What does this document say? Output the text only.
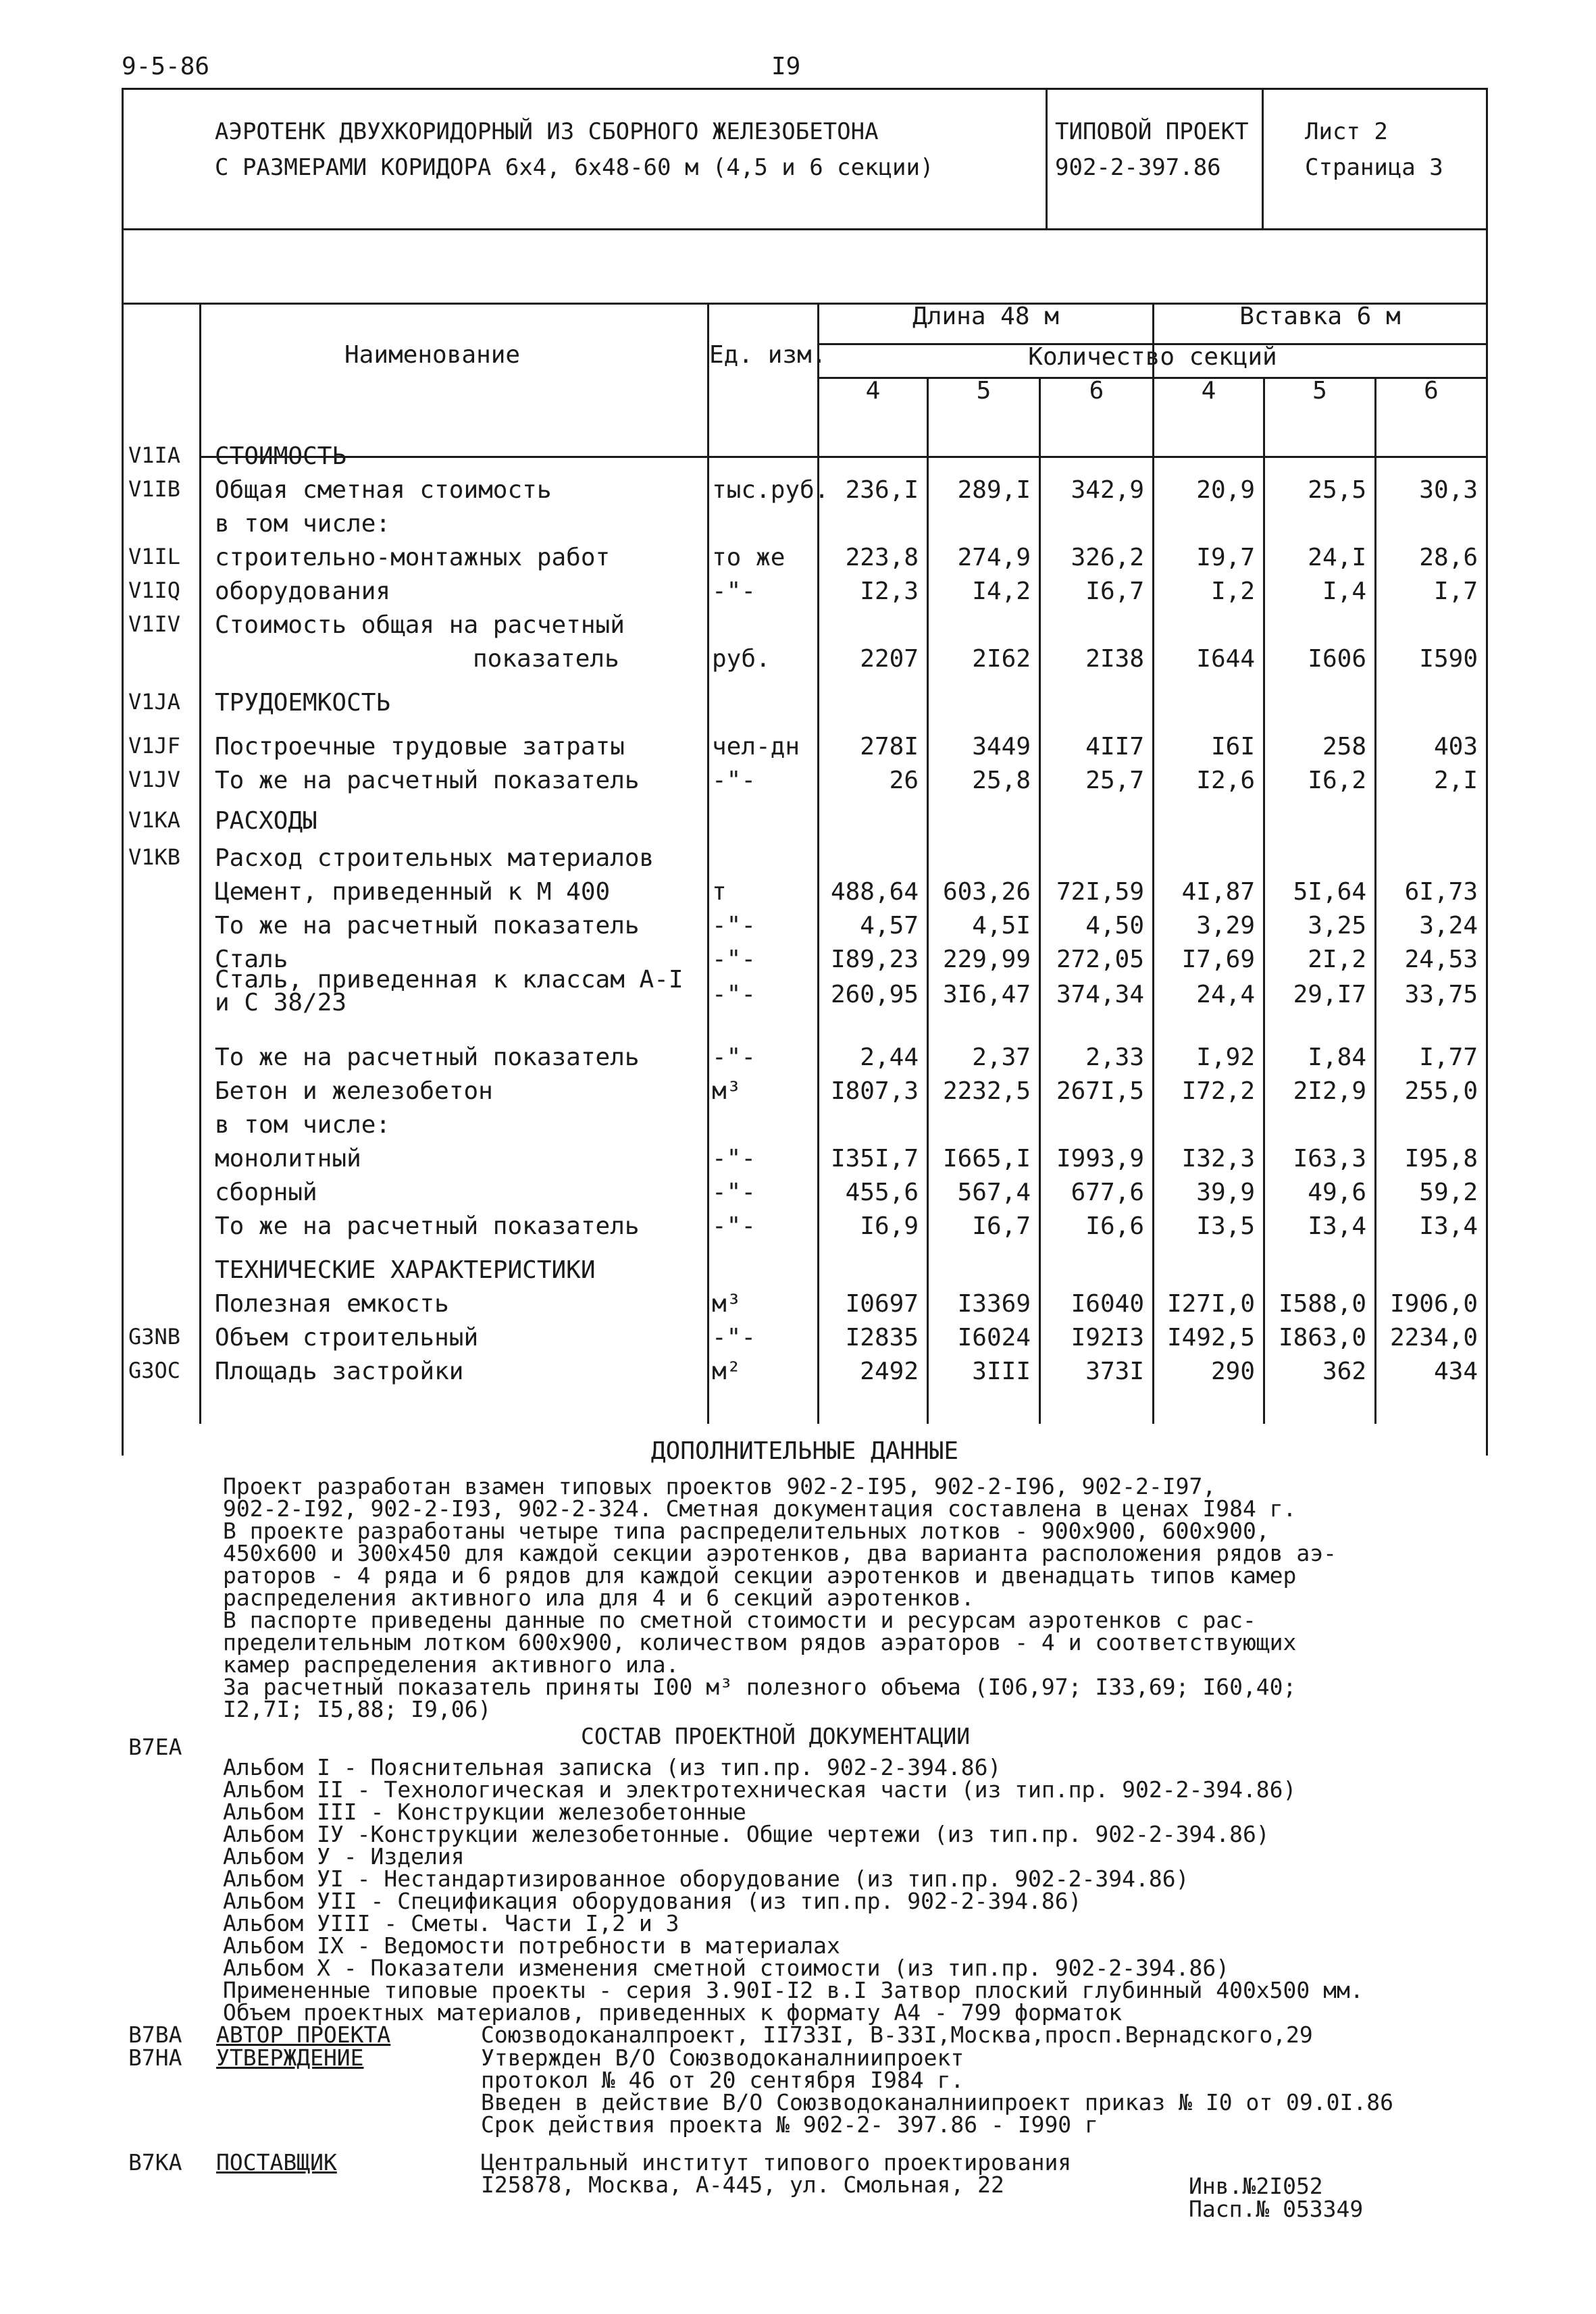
9-5-86	I9
АЭРОТЕНК ДВУХКОРИДОРНЫЙ ИЗ СБОРНОГО ЖЕЛЕЗОБЕТОНА
С РАЗМЕРАМИ КОРИДОРА 6х4, 6х48-60 м (4,5 и 6 секции)
ТИПОВОЙ ПРОЕКТ
902-2-397.86
Лист 2
Страница 3
Наименование	Ед. изм.
Длина 48 м	Вставка 6 м
Количество секций
4	5	6	4	5	6
V1IA СТОИМОСТЬ
V1IB Общая сметная стоимость	тыс.руб. 236,I	289,I	342,9	20,9	25,5	30,3
в том числе:
V1IL строительно-монтажных работ	то же	223,8	274,9	326,2	I9,7	24,I	28,6
V1IQ оборудования	-"-	I2,3	I4,2	I6,7	I,2	I,4	I,7
V1IV Стоимость общая на расчетный
показатель	руб.	2207	2I62	2I38	I644	I606	I590
V1JA ТРУДОЕМКОСТЬ
V1JF Построечные трудовые затраты	чел-дн	278I	3449	4II7	I6I	258	403
V1JV То же на расчетный показатель	-"-	26	25,8	25,7	I2,6	I6,2	2,I
V1KA РАСХОДЫ
V1KB Расход строительных материалов
Цемент, приведенный к М 400	т	488,64 603,26	72I,59	4I,87	5I,64	6I,73
То же на расчетный показатель	-"-	4,57	4,5I	4,50	3,29	3,25	3,24
Сталь	-"-	I89,23 229,99	272,05	I7,69	2I,2	24,53
Сталь, приведенная к классам А-I
и С 38/23	-"-	260,95 3I6,47	374,34	24,4	29,I7	33,75
То же на расчетный показатель	-"-	2,44	2,37	2,33	I,92	I,84	I,77
Бетон и железобетон	м³	I807,3 2232,5	267I,5	I72,2	2I2,9	255,0
в том числе:
монолитный	-"-	I35I,7 I665,I	I993,9	I32,3	I63,3	I95,8
сборный	-"-	455,6	567,4	677,6	39,9	49,6	59,2
То же на расчетный показатель	-"-	I6,9	I6,7	I6,6	I3,5	I3,4	I3,4
ТЕХНИЧЕСКИЕ ХАРАКТЕРИСТИКИ
Полезная емкость	м³	I0697	I3369	I6040 I27I,0 I588,0 I906,0
G3NB Объем строительный	-"-	I2835	I6024	I92I3 I492,5 I863,0 2234,0
G3OC Площадь застройки	м²	2492	3III	373I	290	362	434
ДОПОЛНИТЕЛЬНЫЕ ДАННЫЕ
Проект разработан взамен типовых проектов 902-2-I95, 902-2-I96, 902-2-I97,
902-2-I92, 902-2-I93, 902-2-324. Сметная документация составлена в ценах I984 г.
В проекте разработаны четыре типа распределительных лотков - 900х900, 600х900,
450х600 и 300х450 для каждой секции аэротенков, два варианта расположения рядов аэ-
раторов - 4 ряда и 6 рядов для каждой секции аэротенков и двенадцать типов камер
распределения активного ила для 4 и 6 секций аэротенков.
В паспорте приведены данные по сметной стоимости и ресурсам аэротенков с рас-
пределительным лотком 600х900, количеством рядов аэраторов - 4 и соответствующих
камер распределения активного ила.
За расчетный показатель приняты I00 м³ полезного объема (I06,97; I33,69; I60,40;
I2,7I; I5,88; I9,06)
B7EA	СОСТАВ ПРОЕКТНОЙ ДОКУМЕНТАЦИИ
Альбом I - Пояснительная записка (из тип.пр. 902-2-394.86)
Альбом II - Технологическая и электротехническая части (из тип.пр. 902-2-394.86)
Альбом III - Конструкции железобетонные
Альбом IУ -Конструкции железобетонные. Общие чертежи (из тип.пр. 902-2-394.86)
Альбом У - Изделия
Альбом УI - Нестандартизированное оборудование (из тип.пр. 902-2-394.86)
Альбом УII - Спецификация оборудования (из тип.пр. 902-2-394.86)
Альбом УIII - Сметы. Части I,2 и 3
Альбом IX - Ведомости потребности в материалах
Альбом X - Показатели изменения сметной стоимости (из тип.пр. 902-2-394.86)
Примененные типовые проекты - серия 3.90I-I2 в.I Затвор плоский глубинный 400х500 мм.
Объем проектных материалов, приведенных к формату А4 - 799 форматок
B7BA АВТОР ПРОЕКТА	Союзводоканалпроект, II733I, В-33I,Москва,просп.Вернадского,29
B7HA УТВЕРЖДЕНИЕ	Утвержден В/О Союзводоканалниипроект
протокол № 46 от 20 сентября I984 г.
Введен в действие В/О Союзводоканалниипроект приказ № I0 от 09.0I.86
Срок действия проекта № 902-2- 397.86 - I990 г
B7KA ПОСТАВЩИК	Центральный институт типового проектирования
I25878, Москва, А-445, ул. Смольная, 22	Инв.№2I052
Пасп.№ 053349
